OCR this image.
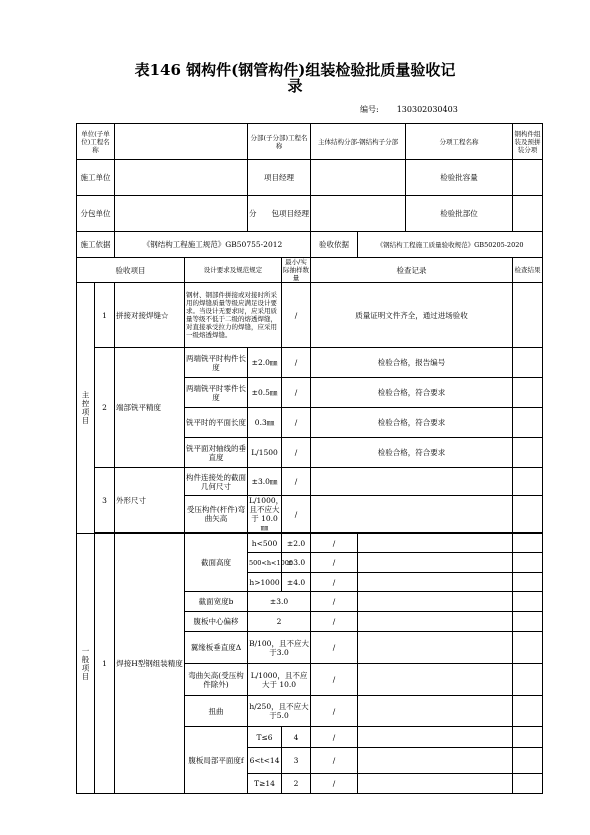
表146 钢构件(钢管构件)组装检验批质量验收记
录
编号: 130302030403
单位(子单位)工程名称				分部(子分部)工程名称		主体结构分部-钢结构子分部		分项工程名称	钢构件组装及预拼装分项
施工单位				项目经理				检验批容量	
分包单位				分　　包项目经理				检验批部位	
施工依据		《钢结构工程施工规范》GB50755-2012				验收依据	《钢结构工程施工质量验收规范》GB50205-2020		
验收项目			设计要求及规范规定		最小/实际抽样数量	检查记录			检查结果
主控项目	1	拼接对接焊缝☆	钢材、钢部件拼接或对接时所采用的焊缝质量等级应满足设计要求。当设计无要求时，应采用质量等级不低于二级的熔透焊缝，对直接承受拉力的焊缝，应采用一级熔透焊缝。		/	质量证明文件齐全，通过进场验收			
	2	端部铣平精度	两端铣平时构件长度	±2.0㎜	/	检验合格，报告编号			
			两端铣平时零件长度	±0.5㎜	/	检验合格，符合要求			
			铣平时的平面长度	0.3㎜	/	检验合格，符合要求			
			铣平面对轴线的垂直度	L/1500	/	检验合格，符合要求			
	3	外形尺寸	构件连接处的截面几何尺寸	±3.0㎜	/				
			受压构件(杆件)弯曲矢高	L/1000，且不应大于 10.0㎜	/				

一般项目	1	焊接H型钢组装精度	截面高度	h<500	±2.0	/			
				500<h<1000	±3.0	/			
				h>1000	±4.0	/			
			截面宽度b	±3.0		/			
			腹板中心偏移	2		/			
			翼缘板垂直度Δ	B/100，且不应大于3.0		/			
			弯曲矢高(受压构件除外)	L/1000，且不应大于 10.0		/			
			扭曲	h/250，且不应大于5.0		/			
			腹板局部平面度f	T≤6	4	/			
				6<t<14	3	/			
				T≥14	2	/			
